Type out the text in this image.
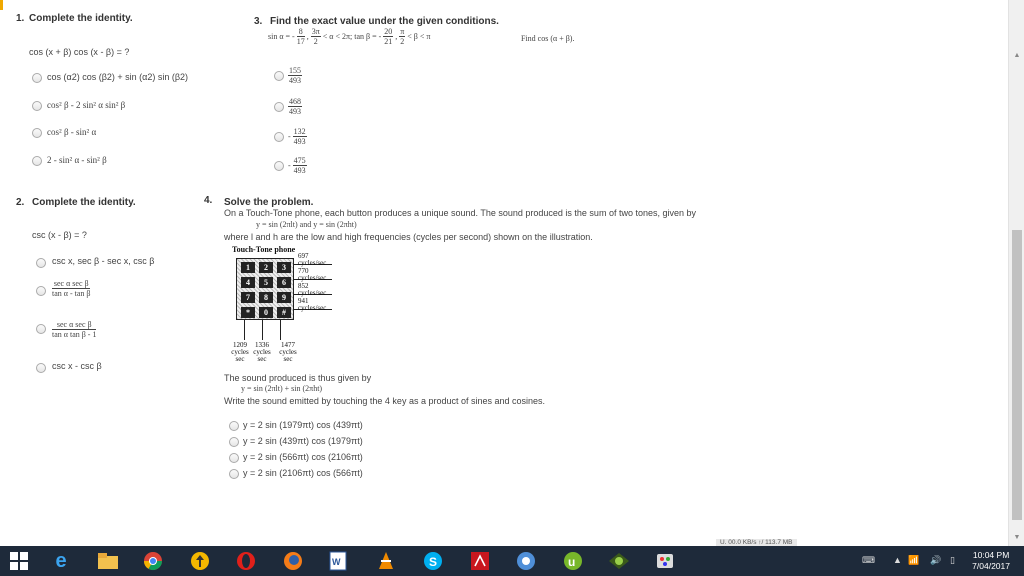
1. Complete the identity.
cos (x + β) cos (x - β) = ?
cos (α2) cos (β2) + sin (α2) sin (β2)
cos² β - 2 sin² α sin² β
cos² β - sin² α
2 - sin² α - sin² β
2. Complete the identity.
csc (x - β) = ?
csc x, sec β - sec x, csc β
sec α sec β
tan α - tan β
sec α sec β
tan α tan β - 1
csc x - csc β
3. Find the exact value under the given conditions.
sin α = - $\frac{8}{17}$ , $\frac{3\pi}{2} < \alpha < 2\pi$; tan β = - $\frac{20}{21}$ , $\frac{\pi}{2} < \beta < \pi$	Find cos (α + β).
$\frac{155}{493}$
$\frac{468}{493}$
- $\frac{132}{493}$
- $\frac{475}{493}$
4. Solve the problem.
On a Touch-Tone phone, each button produces a unique sound. The sound produced is the sum of two tones, given by
y = sin (2πlt) and y = sin (2πht)
where l and h are the low and high frequencies (cycles per second) shown on the illustration.
Touch-Tone phone
1	2	3
4	5	6
7	8	9
*	0	#
697
cycles/sec
770
cycles/sec
852
cycles/sec
941
cycles/sec
1209
cycles
sec
1336
cycles
sec
1477
cycles
sec
The sound produced is thus given by
y = sin (2πlt) + sin (2πht)
Write the sound emitted by touching the 4 key as a product of sines and cosines.
y = 2 sin (1979πt) cos (439πt)
y = 2 sin (439πt) cos (1979πt)
y = 2 sin (566πt) cos (2106πt)
y = 2 sin (2106πt) cos (566πt)
▲
▼
U. 00.0 KB/s ↑/ 113.7 MB
e	W	S	u	⌨ ▲ 📶 🔊 ▯ 10:04 PM
7/04/2017
